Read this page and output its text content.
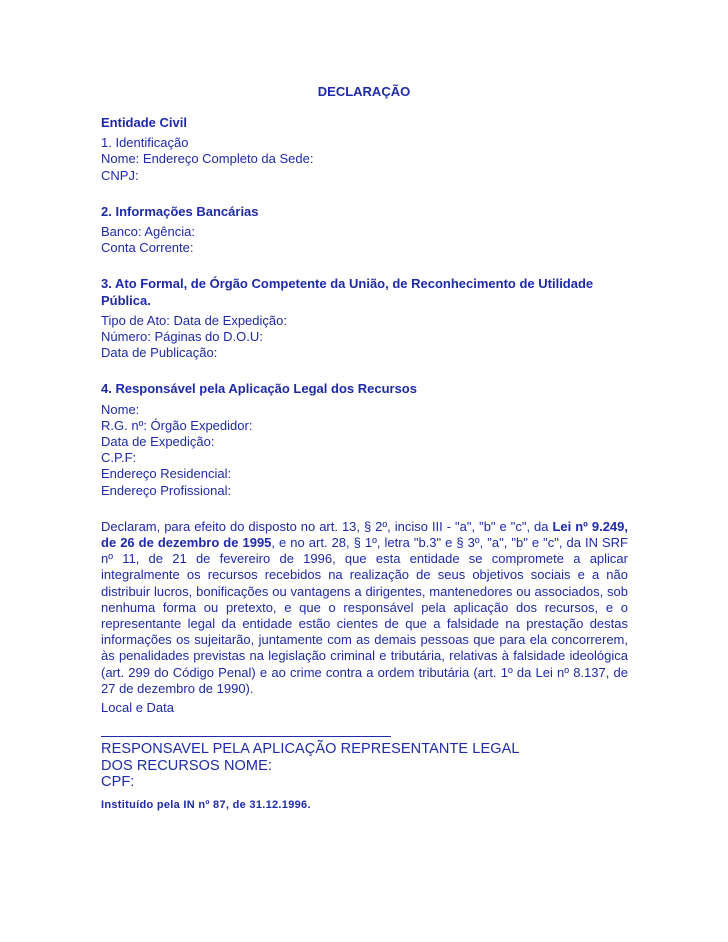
DECLARAÇÃO
Entidade Civil
1. Identificação
Nome: Endereço Completo da Sede:
CNPJ:
2. Informações Bancárias
Banco: Agência:
Conta Corrente:
3. Ato Formal, de Órgão Competente da União, de Reconhecimento de Utilidade
Pública.
Tipo de Ato: Data de Expedição:
Número: Páginas do D.O.U:
Data de Publicação:
4. Responsável pela Aplicação Legal dos Recursos
Nome:
R.G. nº: Órgão Expedidor:
Data de Expedição:
C.P.F:
Endereço Residencial:
Endereço Profissional:

Declaram, para efeito do disposto no art. 13, § 2º, inciso III - "a", "b" e "c", da Lei nº 9.249, de 26 de dezembro de 1995, e no art. 28, § 1º, letra "b.3" e § 3º, "a", "b" e "c", da IN SRF nº 11, de 21 de fevereiro de 1996, que esta entidade se compromete a aplicar integralmente os recursos recebidos na realização de seus objetivos sociais e a não distribuir lucros, bonificações ou vantagens a dirigentes, mantenedores ou associados, sob nenhuma forma ou pretexto, e que o responsável pela aplicação dos recursos, e o representante legal da entidade estão cientes de que a falsidade na prestação destas informações os sujeitarão, juntamente com as demais pessoas que para ela concorrerem, às penalidades previstas na legislação criminal e tributária, relativas à falsidade ideológica (art. 299 do Código Penal) e ao crime contra a ordem tributária (art. 1º da Lei nº 8.137, de 27 de dezembro de 1990).

Local e Data
RESPONSAVEL PELA APLICAÇÃO REPRESENTANTE LEGAL
DOS RECURSOS NOME:
CPF:
Instituído pela IN nº 87, de 31.12.1996.
